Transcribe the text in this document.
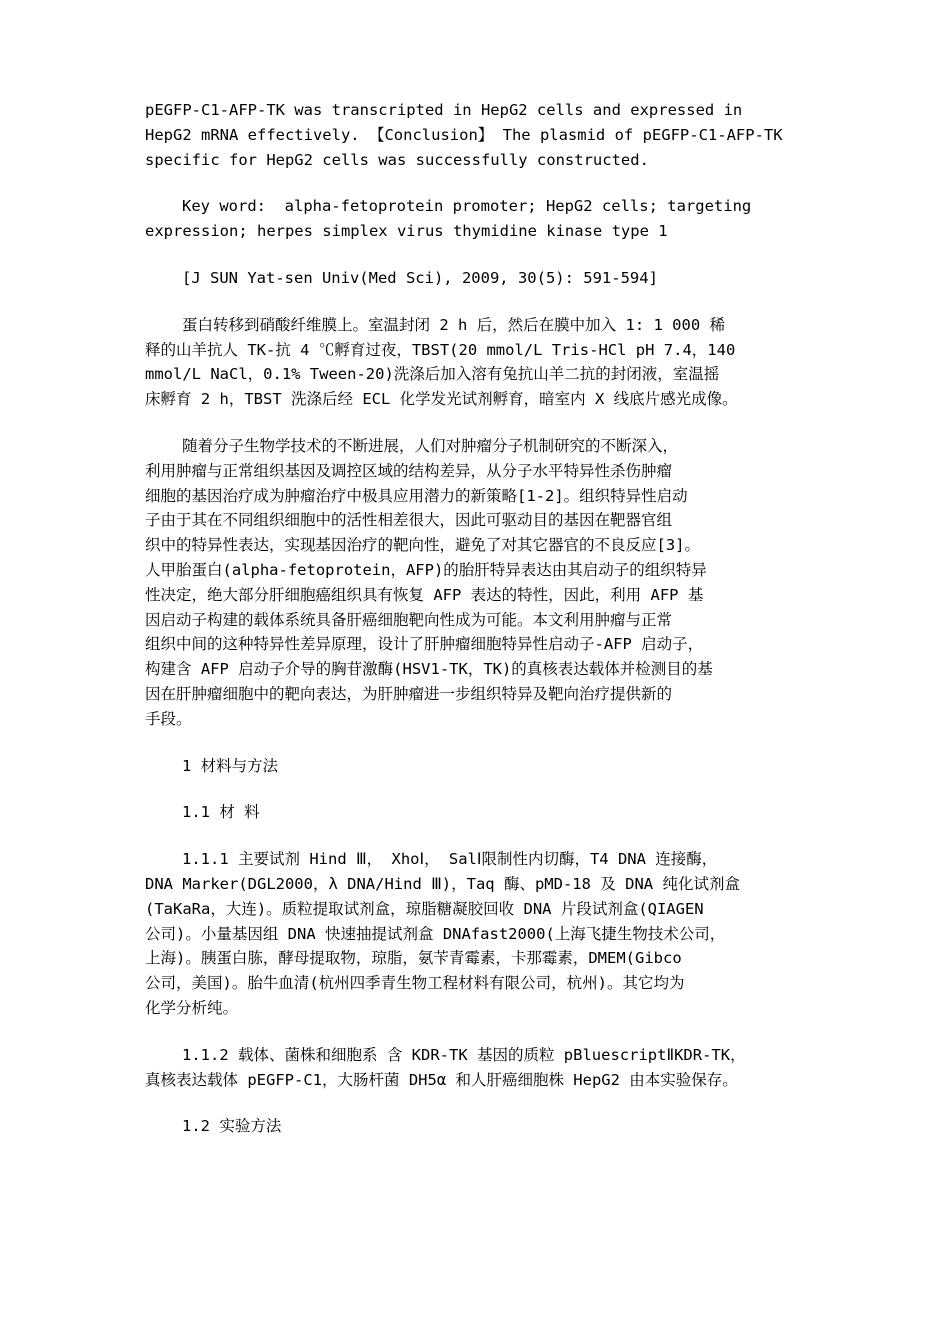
pEGFP-C1-AFP-TK was transcripted in HepG2 cells and expressed in
HepG2 mRNA effectively. 【Conclusion】 The plasmid of pEGFP-C1-AFP-TK
specific for HepG2 cells was successfully constructed.

Key word:  alpha-fetoprotein promoter; HepG2 cells; targeting
expression; herpes simplex virus thymidine kinase type 1

[J SUN Yat-sen Univ(Med Sci), 2009, 30(5): 591-594]

蛋白转移到硝酸纤维膜上。室温封闭 2 h 后，然后在膜中加入 1: 1 000 稀
释的山羊抗人 TK-抗 4 ℃孵育过夜，TBST(20 mmol/L Tris-HCl pH 7.4，140
mmol/L NaCl，0.1% Tween-20)洗涤后加入溶有兔抗山羊二抗的封闭液，室温摇
床孵育 2 h，TBST 洗涤后经 ECL 化学发光试剂孵育，暗室内 X 线底片感光成像。

随着分子生物学技术的不断进展，人们对肿瘤分子机制研究的不断深入，
利用肿瘤与正常组织基因及调控区域的结构差异，从分子水平特异性杀伤肿瘤
细胞的基因治疗成为肿瘤治疗中极具应用潜力的新策略[1-2]。组织特异性启动
子由于其在不同组织细胞中的活性相差很大，因此可驱动目的基因在靶器官组
织中的特异性表达，实现基因治疗的靶向性，避免了对其它器官的不良反应[3]。
人甲胎蛋白(alpha-fetoprotein，AFP)的胎肝特异表达由其启动子的组织特异
性决定，绝大部分肝细胞癌组织具有恢复 AFP 表达的特性，因此，利用 AFP 基
因启动子构建的载体系统具备肝癌细胞靶向性成为可能。本文利用肿瘤与正常
组织中间的这种特异性差异原理，设计了肝肿瘤细胞特异性启动子-AFP 启动子，
构建含 AFP 启动子介导的胸苷激酶(HSV1-TK，TK)的真核表达载体并检测目的基
因在肝肿瘤细胞中的靶向表达，为肝肿瘤进一步组织特异及靶向治疗提供新的
手段。

1 材料与方法

1.1 材 料

1.1.1 主要试剂 Hind Ⅲ， XhoⅠ， SalⅠ限制性内切酶，T4 DNA 连接酶，
DNA Marker(DGL2000，λ DNA/Hind Ⅲ)，Taq 酶、pMD-18 及 DNA 纯化试剂盒
(TaKaRa，大连)。质粒提取试剂盒，琼脂糖凝胶回收 DNA 片段试剂盒(QIAGEN
公司)。小量基因组 DNA 快速抽提试剂盒 DNAfast2000(上海飞捷生物技术公司，
上海)。胰蛋白胨，酵母提取物，琼脂，氨苄青霉素，卡那霉素，DMEM(Gibco
公司，美国)。胎牛血清(杭州四季青生物工程材料有限公司，杭州)。其它均为
化学分析纯。

1.1.2 载体、菌株和细胞系 含 KDR-TK 基因的质粒 pBluescriptⅡKDR-TK，
真核表达载体 pEGFP-C1，大肠杆菌 DH5α 和人肝癌细胞株 HepG2 由本实验保存。

1.2 实验方法
